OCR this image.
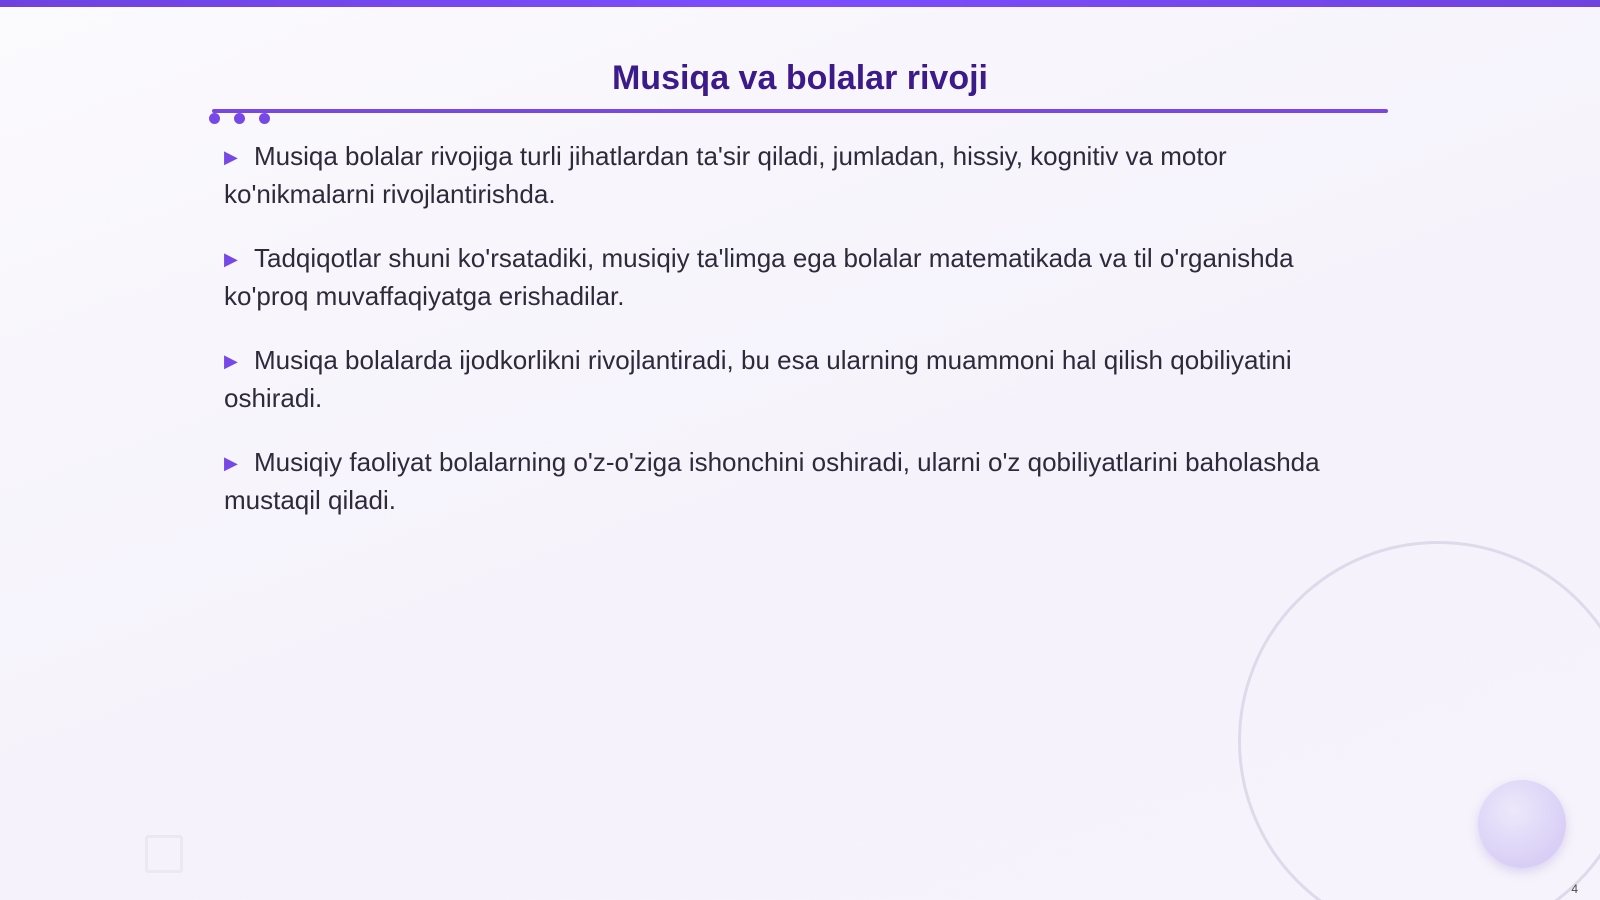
Musiqa va bolalar rivoji
▶ Musiqa bolalar rivojiga turli jihatlardan ta'sir qiladi, jumladan, hissiy, kognitiv va motor ko'nikmalarni rivojlantirishda.
▶ Tadqiqotlar shuni ko'rsatadiki, musiqiy ta'limga ega bolalar matematikada va til o'rganishda ko'proq muvaffaqiyatga erishadilar.
▶ Musiqa bolalarda ijodkorlikni rivojlantiradi, bu esa ularning muammoni hal qilish qobiliyatini oshiradi.
▶ Musiqiy faoliyat bolalarning o'z-o'ziga ishonchini oshiradi, ularni o'z qobiliyatlarini baholashda mustaqil qiladi.
4
